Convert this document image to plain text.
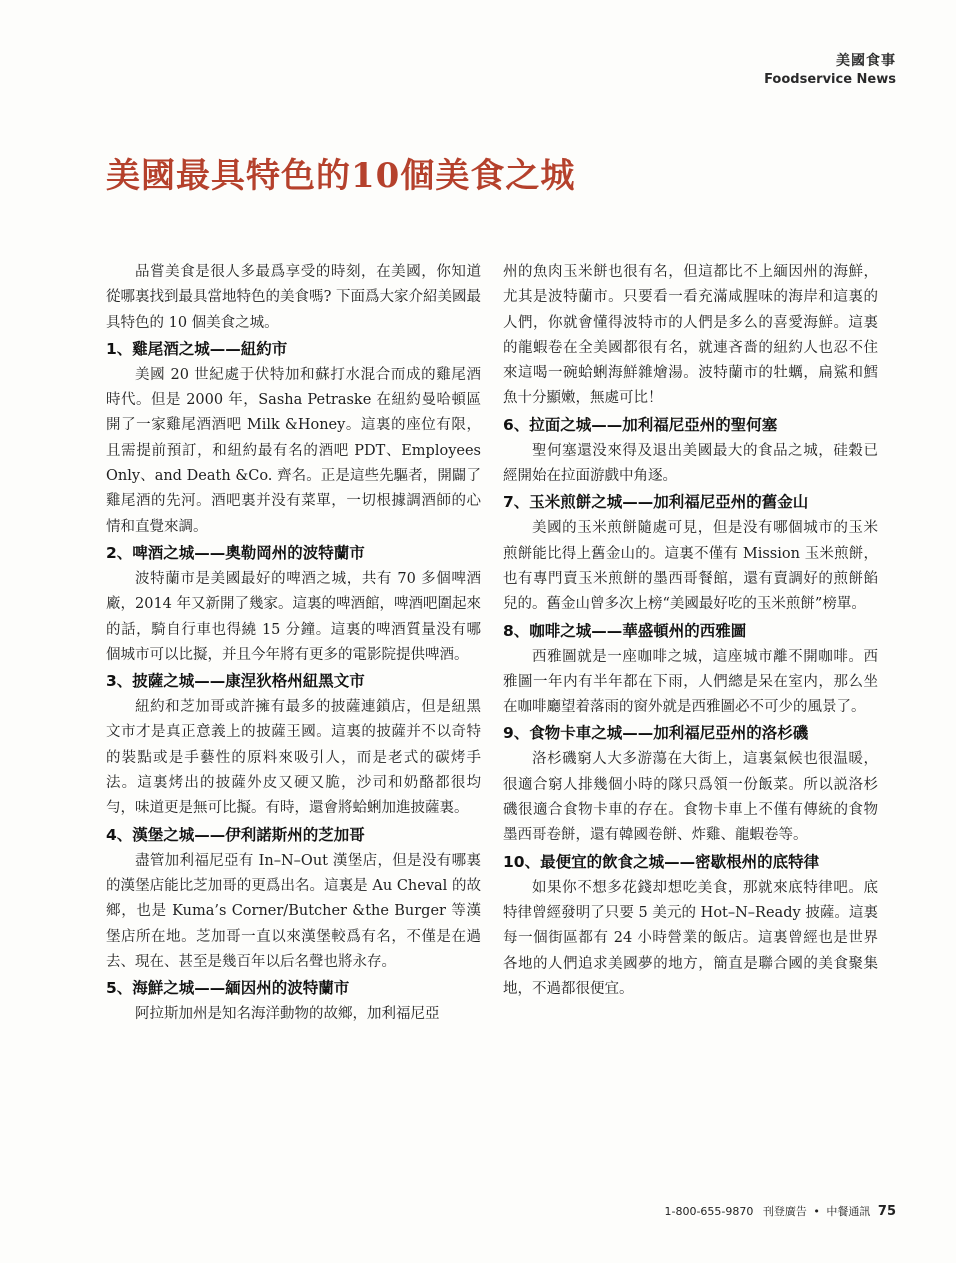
美國食事
Foodservice News
美國最具特色的10個美食之城

品嘗美食是很人多最爲享受的時刻，在美國，你知道從哪裏找到最具當地特色的美食嗎? 下面爲大家介紹美國最具特色的 10 個美食之城。

1、雞尾酒之城——紐約市

美國 20 世紀處于伏特加和蘇打水混合而成的雞尾酒時代。但是 2000 年，Sasha Petraske 在紐約曼哈頓區開了一家雞尾酒酒吧 Milk &Honey。這裏的座位有限，且需提前預訂，和紐約最有名的酒吧 PDT、Employees Only、and Death &Co. 齊名。正是這些先驅者，開闢了雞尾酒的先河。酒吧裏并没有菜單，一切根據調酒師的心情和直覺來調。

2、啤酒之城——奧勒岡州的波特蘭市

波特蘭市是美國最好的啤酒之城，共有 70 多個啤酒廠，2014 年又新開了幾家。這裏的啤酒館，啤酒吧圍起來的話，騎自行車也得繞 15 分鐘。這裏的啤酒質量没有哪個城市可以比擬，并且今年將有更多的電影院提供啤酒。

3、披薩之城——康涅狄格州紐黑文市

紐約和芝加哥或許擁有最多的披薩連鎖店，但是紐黑文市才是真正意義上的披薩王國。這裏的披薩并不以奇特的裝點或是手藝性的原料來吸引人，而是老式的碳烤手法。這裏烤出的披薩外皮又硬又脆，沙司和奶酪都很均勻，味道更是無可比擬。有時，還會將蛤蜊加進披薩裏。

4、漢堡之城——伊利諾斯州的芝加哥

盡管加利福尼亞有 In–N–Out 漢堡店，但是没有哪裏的漢堡店能比芝加哥的更爲出名。這裏是 Au Cheval 的故鄉，也是 Kuma’s Corner/Butcher &the Burger 等漢堡店所在地。芝加哥一直以來漢堡較爲有名，不僅是在過去、現在、甚至是幾百年以后名聲也將永存。

5、海鮮之城——緬因州的波特蘭市

阿拉斯加州是知名海洋動物的故鄉，加利福尼亞

州的魚肉玉米餅也很有名，但這都比不上緬因州的海鮮，尤其是波特蘭市。只要看一看充滿咸腥味的海岸和這裏的人們，你就會懂得波特市的人們是多么的喜愛海鮮。這裏的龍蝦卷在全美國都很有名，就連吝嗇的紐約人也忍不住來這喝一碗蛤蜊海鮮雜燴湯。波特蘭市的牡蠣，扁鯊和鱈魚十分顯嫩，無處可比！

6、拉面之城——加利福尼亞州的聖何塞

聖何塞還没來得及退出美國最大的食品之城，硅穀已經開始在拉面游戲中角逐。

7、玉米煎餅之城——加利福尼亞州的舊金山

美國的玉米煎餅隨處可見，但是没有哪個城市的玉米煎餅能比得上舊金山的。這裏不僅有 Mission 玉米煎餅，也有專門賣玉米煎餅的墨西哥餐館，還有賣調好的煎餅餡兒的。舊金山曾多次上榜“美國最好吃的玉米煎餅”榜單。

8、咖啡之城——華盛頓州的西雅圖

西雅圖就是一座咖啡之城，這座城市離不開咖啡。西雅圖一年内有半年都在下雨，人們總是呆在室内，那么坐在咖啡廳望着落雨的窗外就是西雅圖必不可少的風景了。

9、食物卡車之城——加利福尼亞州的洛杉磯

洛杉磯窮人大多游蕩在大街上，這裏氣候也很温暖，很適合窮人排幾個小時的隊只爲領一份飯菜。所以説洛杉磯很適合食物卡車的存在。食物卡車上不僅有傳統的食物墨西哥卷餅，還有韓國卷餅、炸雞、龍蝦卷等。

10、最便宜的飲食之城——密歇根州的底特律

如果你不想多花錢却想吃美食，那就來底特律吧。底特律曾經發明了只要 5 美元的 Hot–N–Ready 披薩。這裏每一個街區都有 24 小時營業的飯店。這裏曾經也是世界各地的人們追求美國夢的地方，簡直是聯合國的美食聚集地，不過都很便宜。

1-800-655-9870 刊登廣告 • 中餐通訊 75
